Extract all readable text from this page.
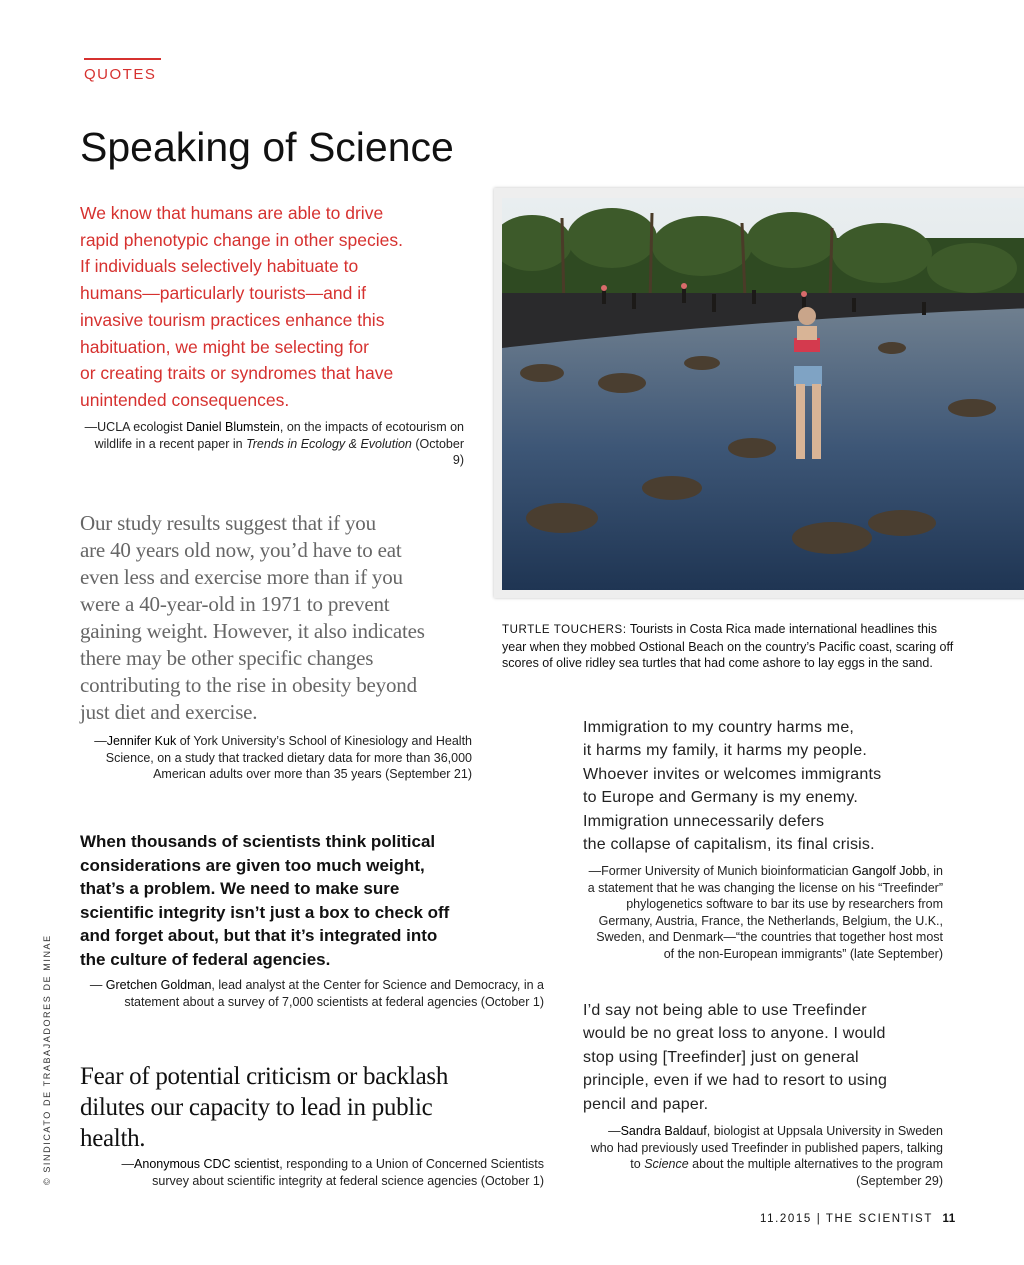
QUOTES
Speaking of Science
We know that humans are able to drive
rapid phenotypic change in other species.
If individuals selectively habituate to
humans—particularly tourists—and if
invasive tourism practices enhance this
habituation, we might be selecting for
or creating traits or syndromes that have
unintended consequences.
—UCLA ecologist Daniel Blumstein, on the impacts of ecotourism on wildlife in a recent paper in Trends in Ecology & Evolution (October 9)
Our study results suggest that if you
are 40 years old now, you’d have to eat
even less and exercise more than if you
were a 40-year-old in 1971 to prevent
gaining weight. However, it also indicates
there may be other specific changes
contributing to the rise in obesity beyond
just diet and exercise.
—Jennifer Kuk of York University’s School of Kinesiology and Health Science, on a study that tracked dietary data for more than 36,000 American adults over more than 35 years (September 21)
When thousands of scientists think political
considerations are given too much weight,
that’s a problem. We need to make sure
scientific integrity isn’t just a box to check off
and forget about, but that it’s integrated into
the culture of federal agencies.
— Gretchen Goldman, lead analyst at the Center for Science and Democracy, in a statement about a survey of 7,000 scientists at federal agencies (October 1)
Fear of potential criticism or backlash
dilutes our capacity to lead in public
health.
—Anonymous CDC scientist, responding to a Union of Concerned Scientists survey about scientific integrity at federal science agencies (October 1)
TURTLE TOUCHERS: Tourists in Costa Rica made international headlines this year when they mobbed Ostional Beach on the country’s Pacific coast, scaring off scores of olive ridley sea turtles that had come ashore to lay eggs in the sand.
Immigration to my country harms me,
it harms my family, it harms my people.
Whoever invites or welcomes immigrants
to Europe and Germany is my enemy.
Immigration unnecessarily defers
the collapse of capitalism, its final crisis.
—Former University of Munich bioinformatician Gangolf Jobb, in a statement that he was changing the license on his “Treefinder” phylogenetics software to bar its use by researchers from Germany, Austria, France, the Netherlands, Belgium, the U.K., Sweden, and Denmark—“the countries that together host most of the non-European immigrants” (late September)
I’d say not being able to use Treefinder
would be no great loss to anyone. I would
stop using [Treefinder] just on general
principle, even if we had to resort to using
pencil and paper.
—Sandra Baldauf, biologist at Uppsala University in Sweden who had previously used Treefinder in published papers, talking to Science about the multiple alternatives to the program (September 29)
© SINDICATO DE TRABAJADORES DE MINAE
11.2015 | THE SCIENTIST 11
